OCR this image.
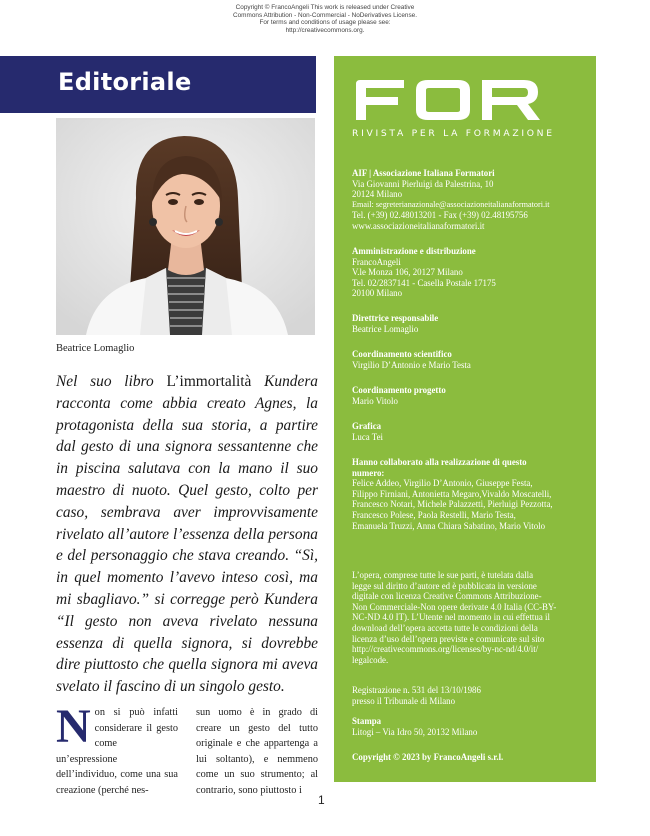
Copyright © FrancoAngeli This work is released under Creative
Commons Attribution - Non-Commercial - NoDerivatives License.
For terms and conditions of usage please see:
http://creativecommons.org.
Editoriale
Beatrice Lomaglio
Nel suo libro L’immortalità Kundera racconta come abbia creato Agnes, la protagonista della sua storia, a partire dal gesto di una signora sessantenne che in piscina salutava con la mano il suo maestro di nuoto. Quel gesto, colto per caso, sembrava aver improvvisamente rivelato all’autore l’essenza della persona e del personaggio che stava creando. “Sì, in quel momento l’avevo inteso così, ma mi sbagliavo.” si corregge però Kundera “Il gesto non aveva rivelato nessuna essenza di quella signora, si dovrebbe dire piuttosto che quella signora mi aveva svelato il fascino di un singolo gesto.
Non si può infatti considerare il gesto come un’espressione dell’individuo, come una sua creazione (perché nes-
sun uomo è in grado di creare un gesto del tutto originale e che appartenga a lui soltanto), e nemmeno come un suo strumento; al contrario, sono piuttosto i
1
RIVISTA PER LA FORMAZIONE
AIF | Associazione Italiana Formatori
Via Giovanni Pierluigi da Palestrina, 10
20124 Milano
Email: segreterianazionale@associazioneitalianaformatori.it
Tel. (+39) 02.48013201 - Fax (+39) 02.48195756
www.associazioneitalianaformatori.it
Amministrazione e distribuzione
FrancoAngeli
V.le Monza 106, 20127 Milano
Tel. 02/2837141 - Casella Postale 17175
20100 Milano
Direttrice responsabile
Beatrice Lomaglio
Coordinamento scientifico
Virgilio D’Antonio e Mario Testa
Coordinamento progetto
Mario Vitolo
Grafica
Luca Tei
Hanno collaborato alla realizzazione di questo
numero:
Felice Addeo, Virgilio D’Antonio, Giuseppe Festa,
Filippo Firniani, Antonietta Megaro,Vivaldo Moscatelli,
Francesco Notari, Michele Palazzetti, Pierluigi Pezzotta,
Francesco Polese, Paola Restelli, Mario Testa,
Emanuela Truzzi, Anna Chiara Sabatino, Mario Vitolo
L’opera, comprese tutte le sue parti, è tutelata dalla
legge sul diritto d’autore ed è pubblicata in versione
digitale con licenza Creative Commons Attribuzione-
Non Commerciale-Non opere derivate 4.0 Italia (CC-BY-
NC-ND 4.0 IT). L’Utente nel momento in cui effettua il
download dell’opera accetta tutte le condizioni della
licenza d’uso dell’opera previste e comunicate sul sito
http://creativecommons.org/licenses/by-nc-nd/4.0/it/
legalcode.
Registrazione n. 531 del 13/10/1986
presso il Tribunale di Milano
Stampa
Litogi – Via Idro 50, 20132 Milano
Copyright © 2023 by FrancoAngeli s.r.l.
